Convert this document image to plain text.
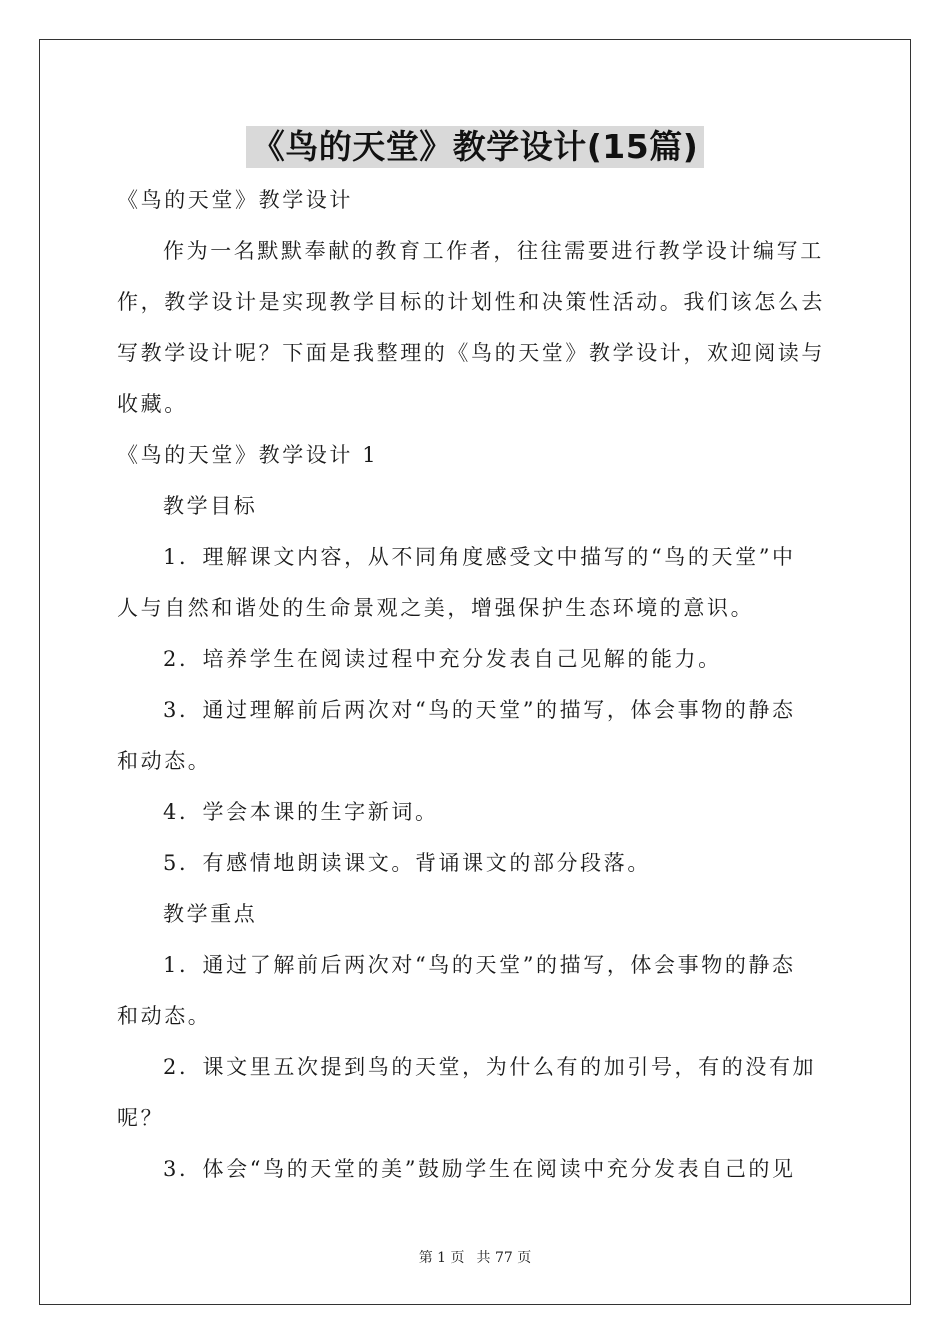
《鸟的天堂》教学设计(15篇)

《鸟的天堂》教学设计

作为一名默默奉献的教育工作者，往往需要进行教学设计编写工

作，教学设计是实现教学目标的计划性和决策性活动。我们该怎么去

写教学设计呢？下面是我整理的《鸟的天堂》教学设计，欢迎阅读与

收藏。

《鸟的天堂》教学设计 1

教学目标

1．理解课文内容，从不同角度感受文中描写的“鸟的天堂”中

人与自然和谐处的生命景观之美，增强保护生态环境的意识。

2．培养学生在阅读过程中充分发表自己见解的能力。

3．通过理解前后两次对“鸟的天堂”的描写，体会事物的静态

和动态。

4．学会本课的生字新词。

5．有感情地朗读课文。背诵课文的部分段落。

教学重点

1．通过了解前后两次对“鸟的天堂”的描写，体会事物的静态

和动态。

2．课文里五次提到鸟的天堂，为什么有的加引号，有的没有加

呢？

3．体会“鸟的天堂的美”鼓励学生在阅读中充分发表自己的见

第 1 页 共 77 页
